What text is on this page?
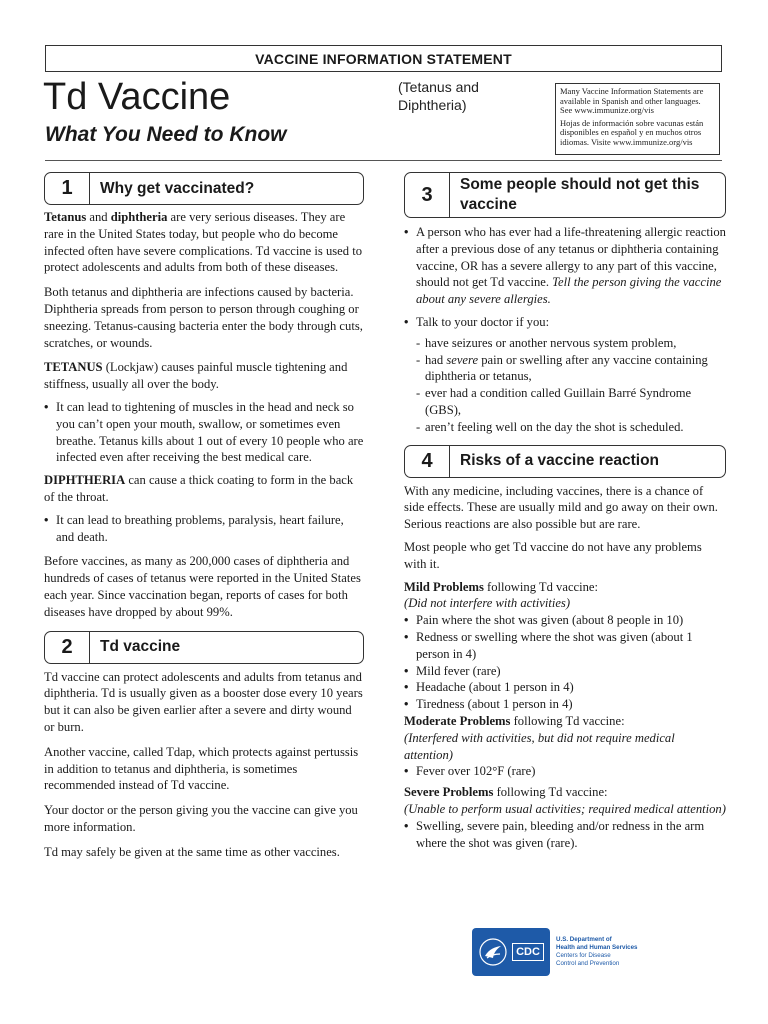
VACCINE INFORMATION STATEMENT
Td Vaccine
What You Need to Know
(Tetanus and
Diphtheria)

Many Vaccine Information Statements are available in Spanish and other languages. See www.immunize.org/vis

Hojas de información sobre vacunas están disponibles en español y en muchos otros idiomas. Visite www.immunize.org/vis

1	Why get vaccinated?

Tetanus and diphtheria are very serious diseases. They are rare in the United States today, but people who do become infected often have severe complications. Td vaccine is used to protect adolescents and adults from both of these diseases.

Both tetanus and diphtheria are infections caused by bacteria. Diphtheria spreads from person to person through coughing or sneezing. Tetanus-causing bacteria enter the body through cuts, scratches, or wounds.

TETANUS (Lockjaw) causes painful muscle tightening and stiffness, usually all over the body.

• It can lead to tightening of muscles in the head and neck so you can’t open your mouth, swallow, or sometimes even breathe. Tetanus kills about 1 out of every 10 people who are infected even after receiving the best medical care.

DIPHTHERIA can cause a thick coating to form in the back of the throat.

• It can lead to breathing problems, paralysis, heart failure, and death.

Before vaccines, as many as 200,000 cases of diphtheria and hundreds of cases of tetanus were reported in the United States each year. Since vaccination began, reports of cases for both diseases have dropped by about 99%.

2	Td vaccine

Td vaccine can protect adolescents and adults from tetanus and diphtheria. Td is usually given as a booster dose every 10 years but it can also be given earlier after a severe and dirty wound or burn.

Another vaccine, called Tdap, which protects against pertussis in addition to tetanus and diphtheria, is sometimes recommended instead of Td vaccine.

Your doctor or the person giving you the vaccine can give you more information.

Td may safely be given at the same time as other vaccines.

3	Some people should not get this vaccine
• A person who has ever had a life-threatening allergic reaction after a previous dose of any tetanus or diphtheria containing vaccine, OR has a severe allergy to any part of this vaccine, should not get Td vaccine. Tell the person giving the vaccine about any severe allergies.
• Talk to your doctor if you:
- have seizures or another nervous system problem,
- had severe pain or swelling after any vaccine containing diphtheria or tetanus,
- ever had a condition called Guillain Barré Syndrome (GBS),
- aren’t feeling well on the day the shot is scheduled.
4	Risks of a vaccine reaction

With any medicine, including vaccines, there is a chance of side effects. These are usually mild and go away on their own. Serious reactions are also possible but are rare.

Most people who get Td vaccine do not have any problems with it.

Mild Problems following Td vaccine:

(Did not interfere with activities)

• Pain where the shot was given (about 8 people in 10)
• Redness or swelling where the shot was given (about 1 person in 4)
• Mild fever (rare)
• Headache (about 1 person in 4)
• Tiredness (about 1 person in 4)

Moderate Problems following Td vaccine:

(Interfered with activities, but did not require medical attention)

• Fever over 102°F (rare)

Severe Problems following Td vaccine:

(Unable to perform usual activities; required medical attention)

• Swelling, severe pain, bleeding and/or redness in the arm where the shot was given (rare).
CDC
U.S. Department of
Health and Human Services
Centers for Disease
Control and Prevention
